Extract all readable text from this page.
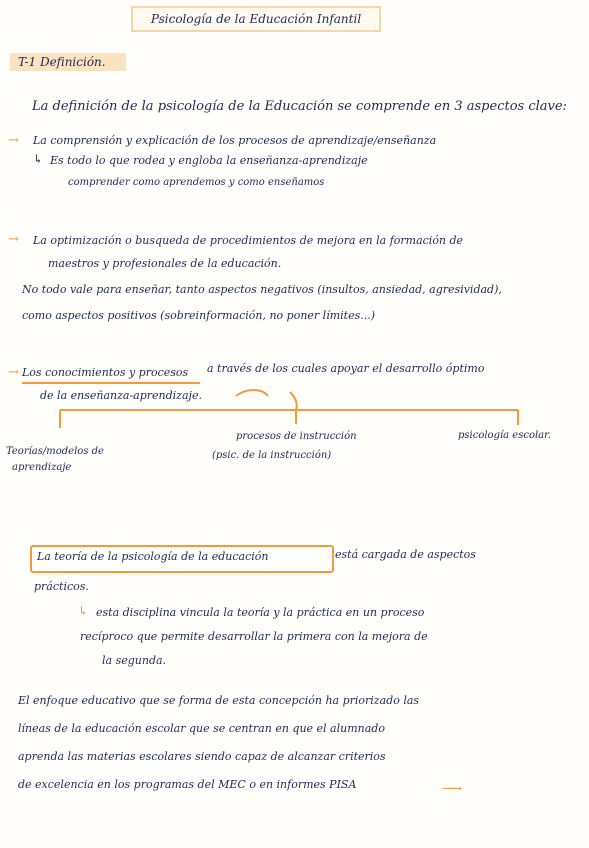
Psicología de la Educación Infantil
T-1 Definición.
La definición de la psicología de la Educación se comprende en 3 aspectos clave:
→ La comprensión y explicación de los procesos de aprendizaje/enseñanza
↳ Es todo lo que rodea y engloba la enseñanza-aprendizaje
comprender como aprendemos y como enseñamos
→ La optimización o busqueda de procedimientos de mejora en la formación de
maestros y profesionales de la educación.
No todo vale para enseñar, tanto aspectos negativos (insultos, ansiedad, agresividad),
como aspectos positivos (sobreinformación, no poner límites...)
→ Los conocimientos y procesos a través de los cuales apoyar el desarrollo óptimo
de la enseñanza-aprendizaje.
Teorías/modelos de
aprendizaje
procesos de instrucción
(psic. de la instrucción)
psicología escolar.
La teoría de la psicología de la educación	está cargada de aspectos
prácticos.
↳ esta disciplina vincula la teoría y la práctica en un proceso
recíproco que permite desarrollar la primera con la mejora de
la segunda.
El enfoque educativo que se forma de esta concepción ha priorizado las
líneas de la educación escolar que se centran en que el alumnado
aprenda las materias escolares siendo capaz de alcanzar criterios
de excelencia en los programas del MEC o en informes PISA	⟶
